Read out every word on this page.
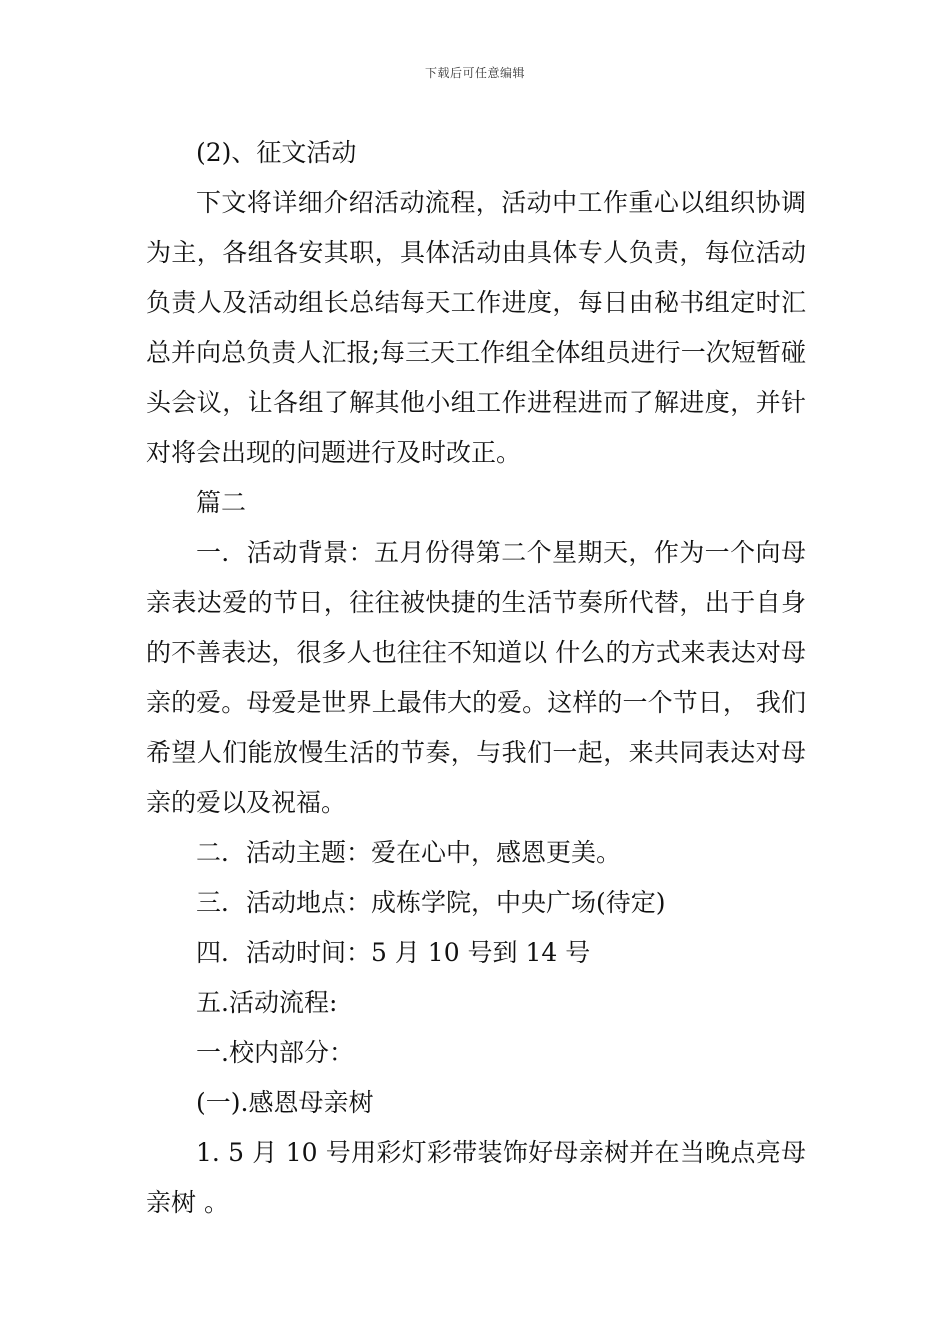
下载后可任意编辑

(2)、征文活动

下文将详细介绍活动流程，活动中工作重心以组织协调为主，各组各安其职，具体活动由具体专人负责，每位活动负责人及活动组长总结每天工作进度，每日由秘书组定时汇总并向总负责人汇报;每三天工作组全体组员进行一次短暂碰头会议，让各组了解其他小组工作进程进而了解进度，并针对将会出现的问题进行及时改正。

篇二

一．活动背景：五月份得第二个星期天，作为一个向母亲表达爱的节日，往往被快捷的生活节奏所代替，出于自身的不善表达，很多人也往往不知道以 什么的方式来表达对母亲的爱。母爱是世界上最伟大的爱。这样的一个节日， 我们希望人们能放慢生活的节奏，与我们一起，来共同表达对母亲的爱以及祝福。

二．活动主题：爱在心中，感恩更美。

三．活动地点：成栋学院，中央广场(待定)

四．活动时间：5 月 10 号到 14 号

五.活动流程:

一.校内部分：

(一).感恩母亲树

1. 5 月 10 号用彩灯彩带装饰好母亲树并在当晚点亮母亲树 。
